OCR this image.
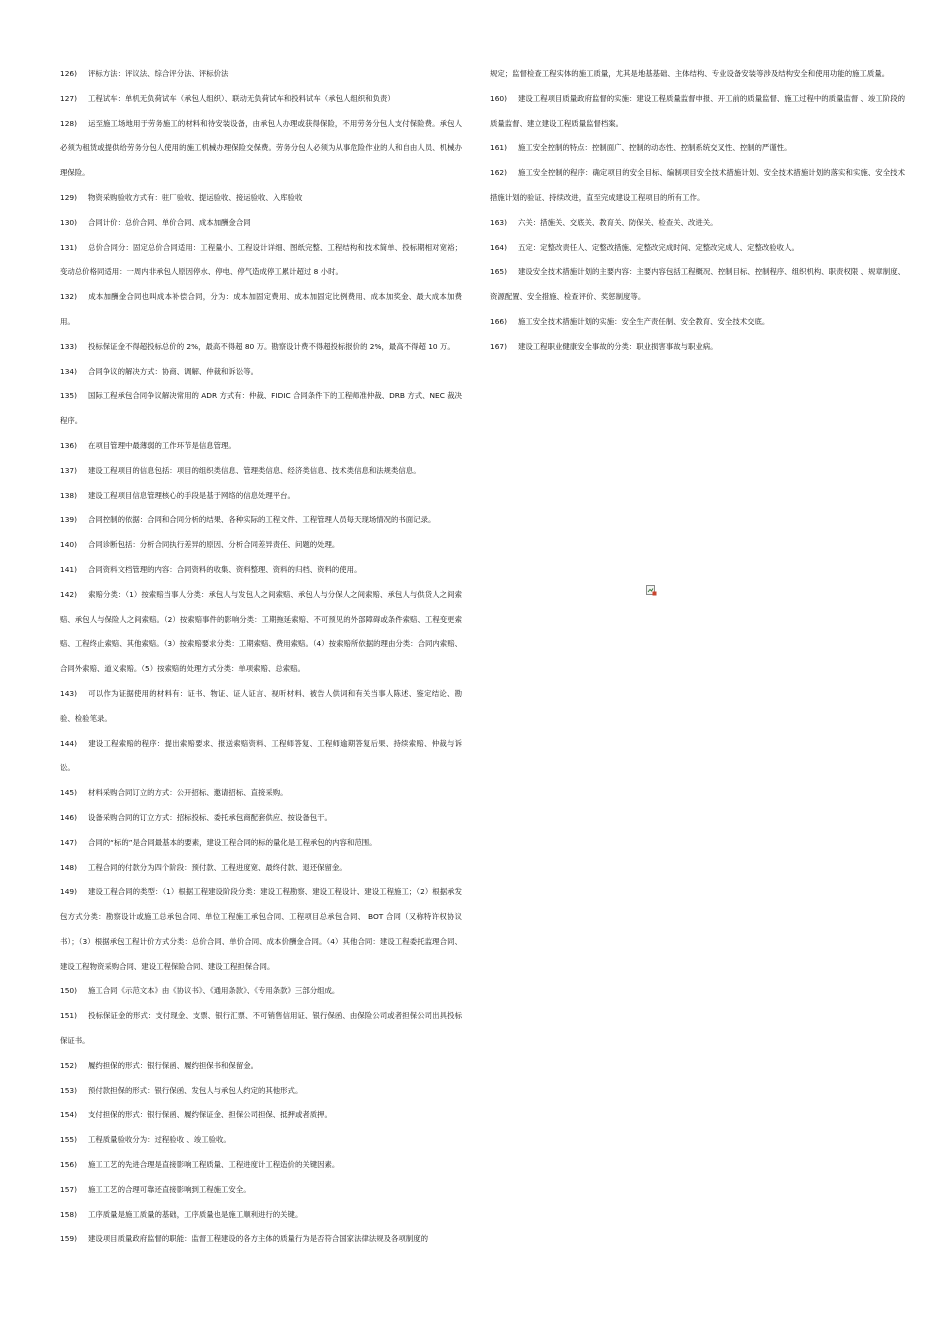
126) 评标方法：评议法、综合评分法、评标价法

127) 工程试车：单机无负荷试车（承包人组织）、联动无负荷试车和投料试车（承包人组织和负责）

128) 运至施工场地用于劳务施工的材料和待安装设备，由承包人办理或获得保险，不用劳务分包人支付保险费。承包人必须为租赁或提供给劳务分包人使用的施工机械办理保险交保费。劳务分包人必须为从事危险作业的人和自由人员、机械办理保险。

129) 物资采购验收方式有：驻厂验收、提运验收、接运验收、入库验收

130) 合同计价：总价合同、单价合同、成本加酬金合同

131) 总价合同分：固定总价合同适用：工程量小、工程设计详细、图纸完整、工程结构和技术简单、投标期相对宽裕； 变动总价格同适用：一周内非承包人原因停水、停电、停气造成停工累计超过 8 小时。

132) 成本加酬金合同也叫成本补偿合同，分为：成本加固定费用、成本加固定比例费用、成本加奖金、最大成本加费用。

133) 投标保证金不得超投标总价的 2%，最高不得超 80 万。勘察设计费不得超投标报价的 2%，最高不得超 10 万。

134) 合同争议的解决方式：协商、调解、仲裁和诉讼等。

135) 国际工程承包合同争议解决常用的 ADR 方式有：仲裁、FIDIC 合同条件下的工程师准仲裁、DRB 方式、NEC 裁决程序。

136) 在项目管理中最薄弱的工作环节是信息管理。

137) 建设工程项目的信息包括：项目的组织类信息、管理类信息、经济类信息、技术类信息和法规类信息。

138) 建设工程项目信息管理核心的手段是基于网络的信息处理平台。

139) 合同控制的依据：合同和合同分析的结果、各种实际的工程文件、工程管理人员每天现场情况的书面记录。

140) 合同诊断包括：分析合同执行差异的原因、分析合同差异责任、问题的处理。

141) 合同资料文档管理的内容：合同资料的收集、资料整理、资料的归档、资料的使用。

142) 索赔分类：（1）按索赔当事人分类：承包人与发包人之间索赔、承包人与分保人之间索赔、承包人与供货人之间索赔、承包人与保险人之间索赔。（2）按索赔事件的影响分类：工期拖延索赔、不可预见的外部障碍或条件索赔、工程变更索赔、工程终止索赔、其他索赔。（3）按索赔要求分类：工期索赔、费用索赔。（4）按索赔所依据的理由分类：合同内索赔、合同外索赔、道义索赔。（5）按索赔的处理方式分类：单项索赔、总索赔。

143) 可以作为证据使用的材料有：证书、物证、证人证言、视听材料、被告人供词和有关当事人陈述、鉴定结论、勘验、检验笔录。

144) 建设工程索赔的程序：提出索赔要求、报送索赔资料、工程师答复、工程师逾期答复后果、持续索赔、仲裁与诉讼。

145) 材料采购合同订立的方式：公开招标、邀请招标、直接采购。

146) 设备采购合同的订立方式：招标投标、委托承包商配套供应、按设备包干。

147) 合同的“标的”是合同最基本的要素，建设工程合同的标的量化是工程承包的内容和范围。

148) 工程合同的付款分为四个阶段：预付款、工程进度宽、最终付款、退还保留金。

149) 建设工程合同的类型：（1）根据工程建设阶段分类：建设工程勘察、建设工程设计、建设工程施工；（2）根据承发包方式分类：勘察设计或施工总承包合同、单位工程施工承包合同、工程项目总承包合同、 BOT 合同（又称特许权协议书）；（3）根据承包工程计价方式分类：总价合同、单价合同、成本价酬金合同。（4）其他合同：建设工程委托监理合同、建设工程物资采购合同、建设工程保险合同、建设工程担保合同。

150) 施工合同《示范文本》由《协议书》、《通用条款》、《专用条款》三部分组成。

151) 投标保证金的形式：支付现金、支票、银行汇票、不可销售信用证、银行保函、由保险公司或者担保公司出具投标保证书。

152) 履约担保的形式：银行保函、履约担保书和保留金。

153) 预付款担保的形式：银行保函、发包人与承包人约定的其他形式。

154) 支付担保的形式：银行保函、履约保证金、担保公司担保、抵押或者质押。

155) 工程质量验收分为：过程验收 、竣工验收。

156) 施工工艺的先进合理是直接影响工程质量、工程进度计工程造价的关键因素。

157) 施工工艺的合理可靠还直接影响到工程施工安全。

158) 工序质量是施工质量的基础，工序质量也是施工顺利进行的关键。

159) 建设项目质量政府监督的职能：监督工程建设的各方主体的质量行为是否符合国家法律法规及各项制度的

规定；监督检查工程实体的施工质量，尤其是地基基础、主体结构、专业设备安装等涉及结构安全和使用功能的施工质量。

160) 建设工程项目质量政府监督的实施：建设工程质量监督申报、开工前的质量监督、施工过程中的质量监督 、竣工阶段的质量监督、建立建设工程质量监督档案。

161) 施工安全控制的特点：控制面广、控制的动态性、控制系统交叉性、控制的严谨性。

162) 施工安全控制的程序：确定项目的安全目标、编制项目安全技术措施计划、安全技术措施计划的落实和实施、安全技术措施计划的验证、持续改进，直至完成建设工程项目的所有工作。

163) 六关：措施关、交底关、教育关、防保关、检查关、改进关。

164) 五定：定整改责任人、定整改措施、定整改完成时间、定整改完成人、定整改验收人。

165) 建设安全技术措施计划的主要内容：主要内容包括工程概况、控制目标、控制程序、组织机构、职责权限 、规章制度、资源配置、安全措施、检查评价、奖惩制度等。

166) 施工安全技术措施计划的实施：安全生产责任制、安全教育、安全技术交底。

167) 建设工程职业健康安全事故的分类：职业损害事故与职业病。
